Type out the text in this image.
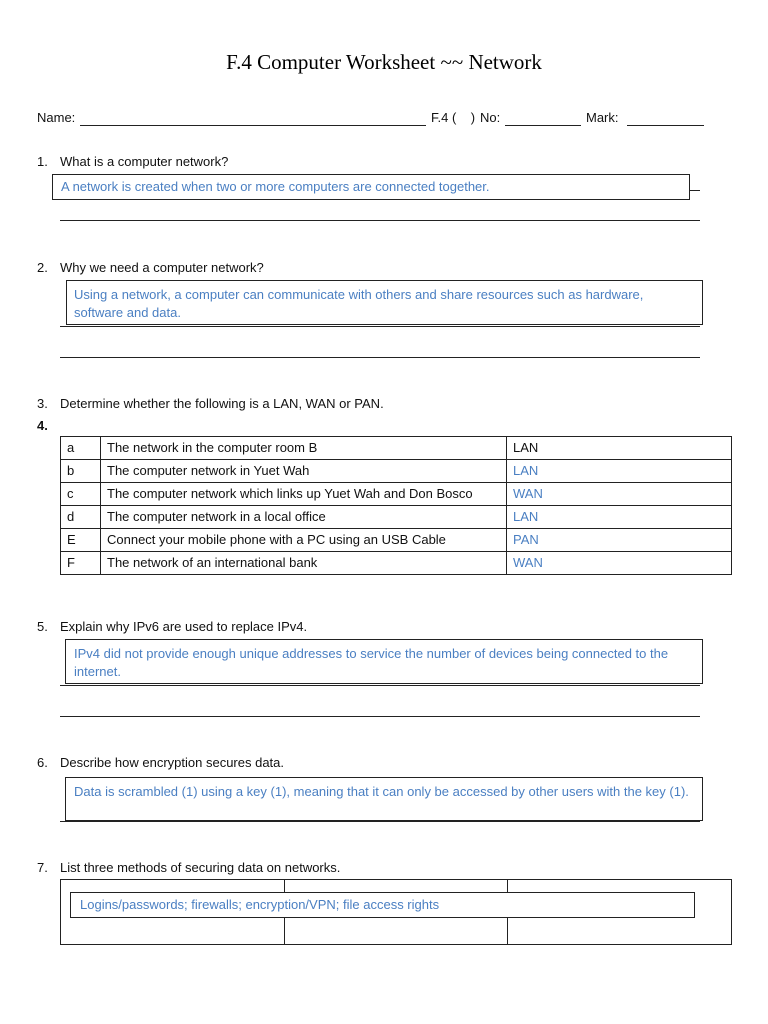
F.4 Computer Worksheet ~~ Network
Name:	F.4 (    ) No:	Mark:
1. What is a computer network?
A network is created when two or more computers are connected together.
2. Why we need a computer network?
Using a network, a computer can communicate with others and share resources such as hardware, software and data.
3. Determine whether the following is a LAN, WAN or PAN.
4.
a	The network in the computer room B	LAN
b	The computer network in Yuet Wah	LAN
c	The computer network which links up Yuet Wah and Don Bosco	WAN
d	The computer network in a local office	LAN
E	Connect your mobile phone with a PC using an USB Cable	PAN
F	The network of an international bank	WAN
5. Explain why IPv6 are used to replace IPv4.
IPv4 did not provide enough unique addresses to service the number of devices being connected to the internet.
6. Describe how encryption secures data.
Data is scrambled (1) using a key (1), meaning that it can only be accessed by other users with the key (1).
7. List three methods of securing data on networks.

Logins/passwords; firewalls; encryption/VPN; file access rights
